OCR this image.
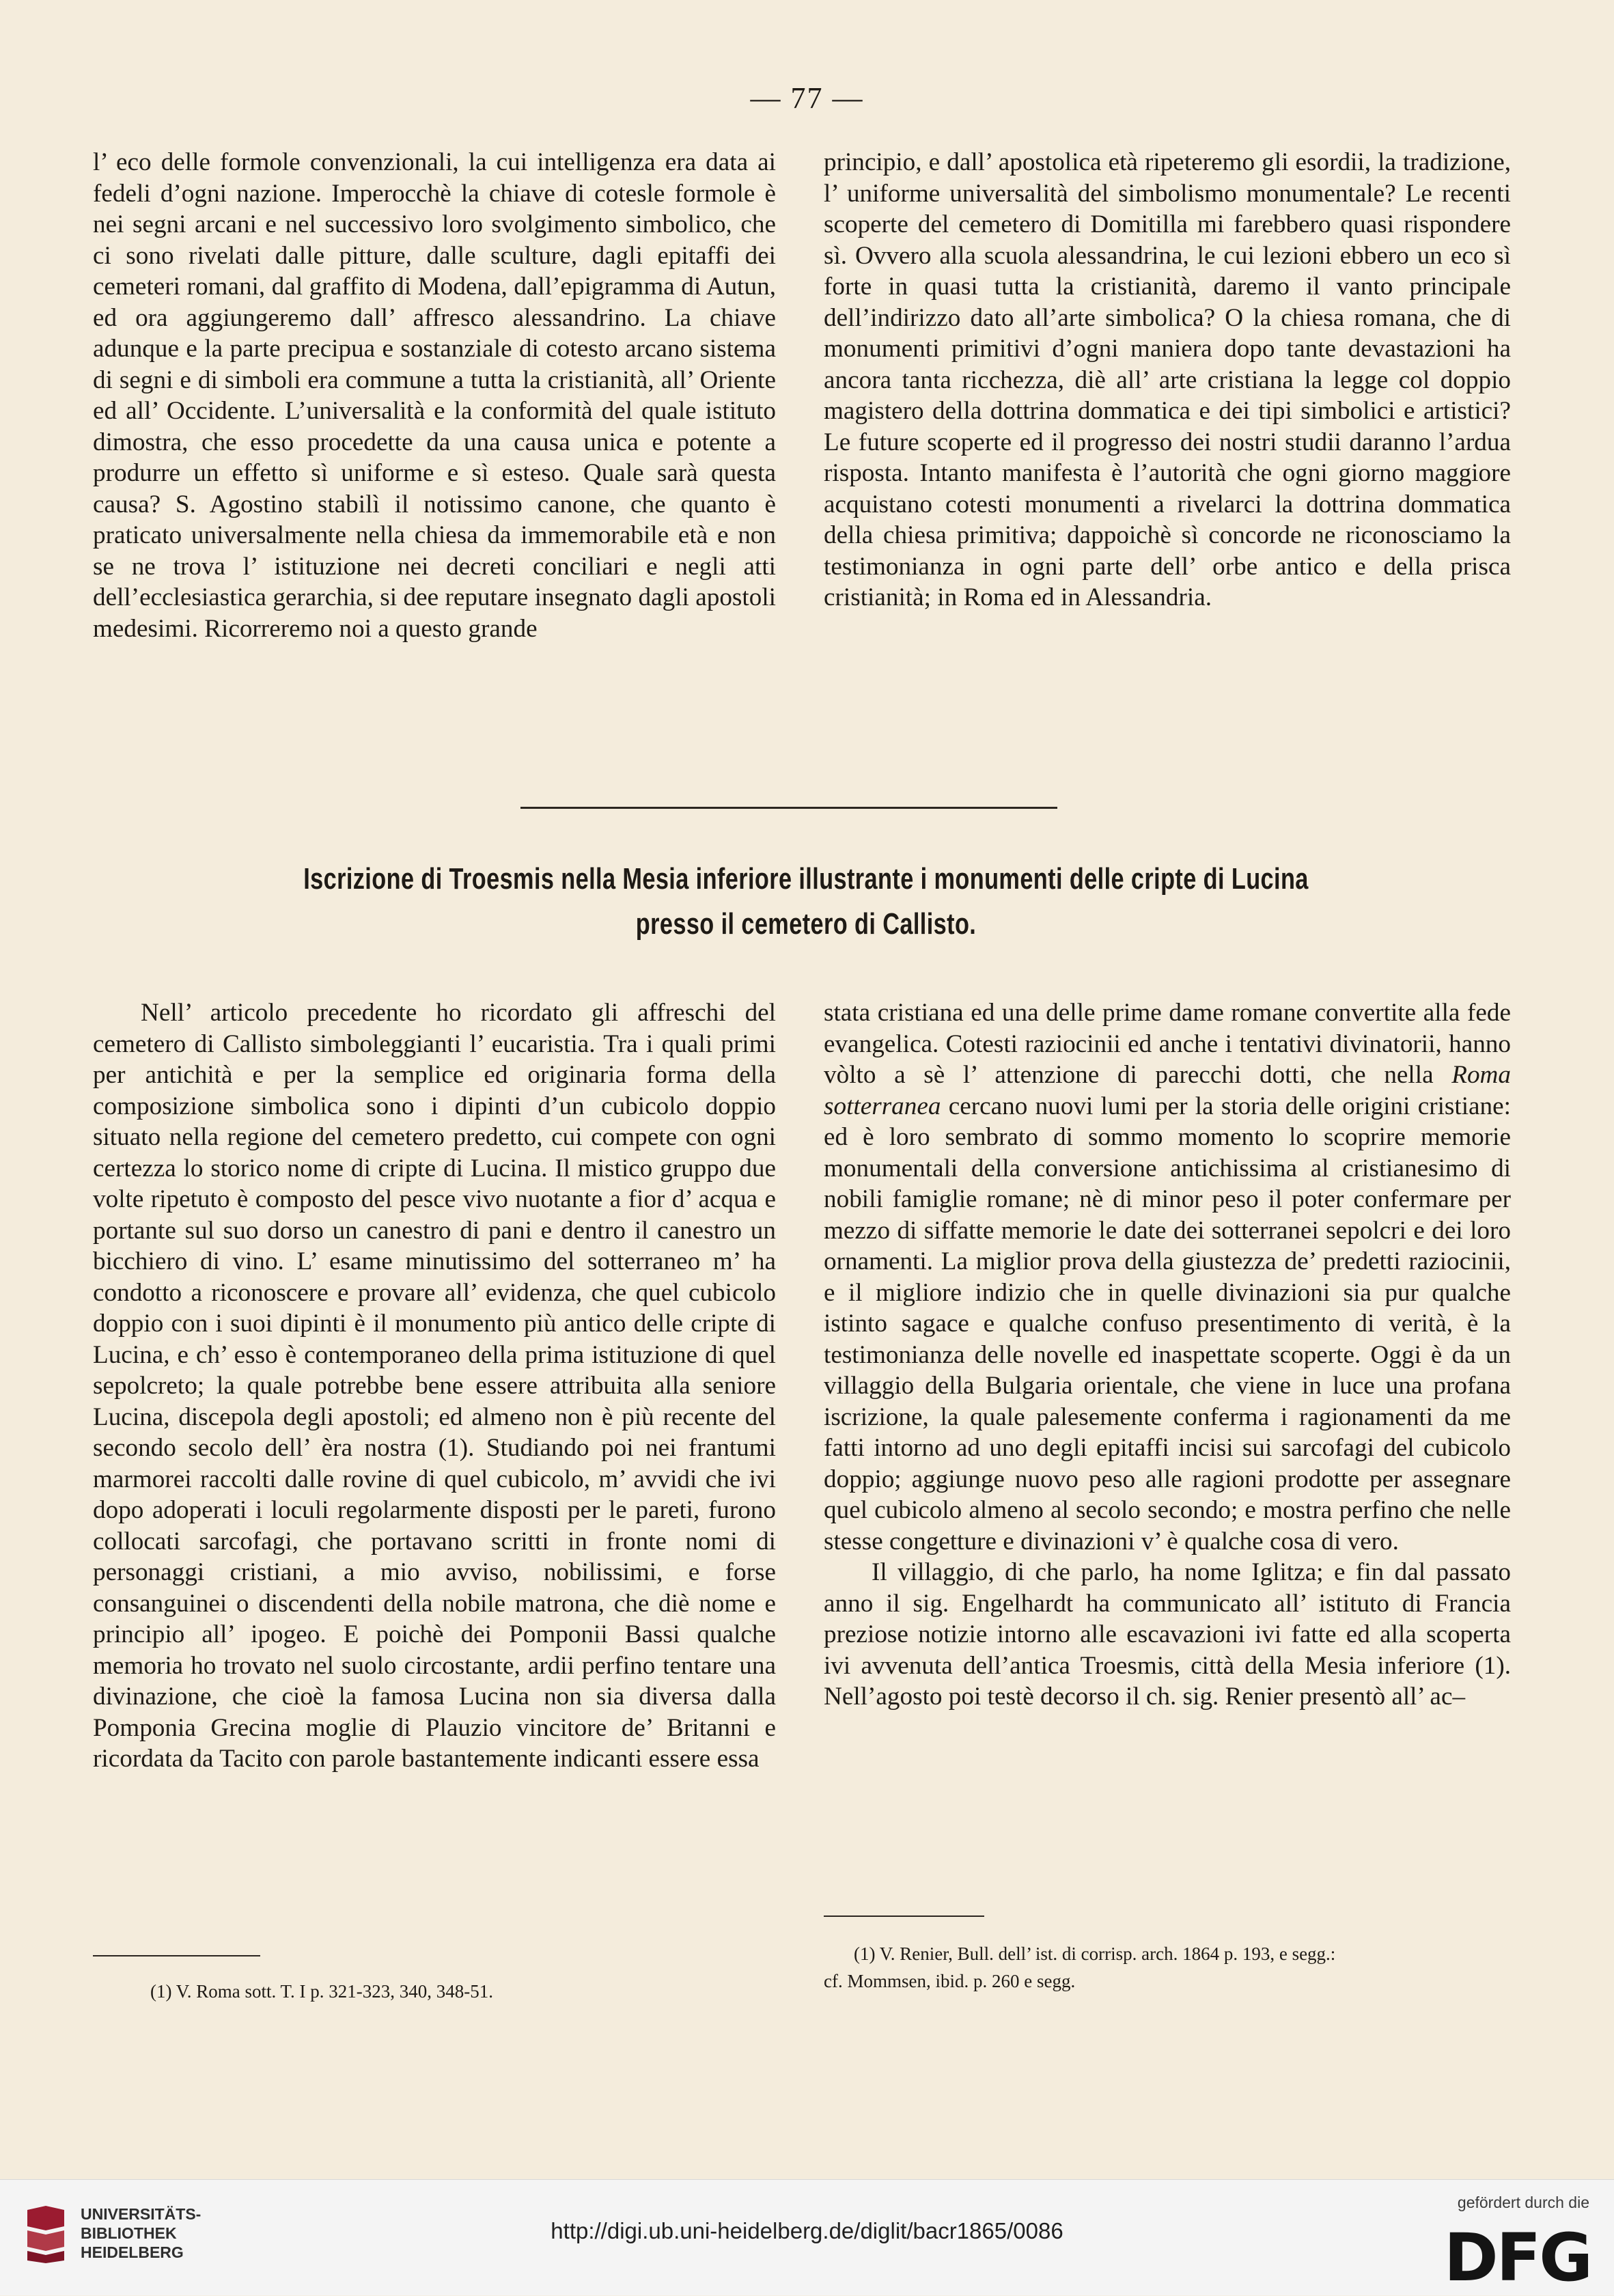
— 77 —

l’ eco delle formole convenzionali, la cui intelligenza era data ai fedeli d’ogni nazione. Imperocchè la chiave di cotesle formole è nei segni arcani e nel successivo loro svolgimento simbolico, che ci sono rivelati dalle pitture, dalle sculture, dagli epitaffi dei cemeteri romani, dal graffito di Modena, dall’epigramma di Autun, ed ora aggiungeremo dall’ affresco alessandrino. La chiave adunque e la parte precipua e sostanziale di cotesto arcano sistema di segni e di simboli era commune a tutta la cristianità, all’ Oriente ed all’ Occidente. L’universalità e la conformità del quale istituto dimostra, che esso procedette da una causa unica e potente a produrre un effetto sì uniforme e sì esteso. Quale sarà questa causa? S. Agostino stabilì il notissimo canone, che quanto è praticato universalmente nella chiesa da immemorabile età e non se ne trova l’ istituzione nei decreti conciliari e negli atti dell’ecclesiastica gerarchia, si dee reputare insegnato dagli apostoli medesimi. Ricorreremo noi a questo grande

principio, e dall’ apostolica età ripeteremo gli esordii, la tradizione, l’ uniforme universalità del simbolismo monumentale? Le recenti scoperte del cemetero di Domitilla mi farebbero quasi rispondere sì. Ovvero alla scuola alessandrina, le cui lezioni ebbero un eco sì forte in quasi tutta la cristianità, daremo il vanto principale dell’indirizzo dato all’arte simbolica? O la chiesa romana, che di monumenti primitivi d’ogni maniera dopo tante devastazioni ha ancora tanta ricchezza, diè all’ arte cristiana la legge col doppio magistero della dottrina dommatica e dei tipi simbolici e artistici? Le future scoperte ed il progresso dei nostri studii daranno l’ardua risposta. Intanto manifesta è l’autorità che ogni giorno maggiore acquistano cotesti monumenti a rivelarci la dottrina dommatica della chiesa primitiva; dappoichè sì concorde ne riconosciamo la testimonianza in ogni parte dell’ orbe antico e della prisca cristianità; in Roma ed in Alessandria.

Iscrizione di Troesmis nella Mesia inferiore illustrante i monumenti delle cripte di Lucina
presso il cemetero di Callisto.

Nell’ articolo precedente ho ricordato gli affreschi del cemetero di Callisto simboleggianti l’ eucaristia. Tra i quali primi per antichità e per la semplice ed originaria forma della composizione simbolica sono i dipinti d’un cubicolo doppio situato nella regione del cemetero predetto, cui compete con ogni certezza lo storico nome di cripte di Lucina. Il mistico gruppo due volte ripetuto è composto del pesce vivo nuotante a fior d’ acqua e portante sul suo dorso un canestro di pani e dentro il canestro un bicchiero di vino. L’ esame minutissimo del sotterraneo m’ ha condotto a riconoscere e provare all’ evidenza, che quel cubicolo doppio con i suoi dipinti è il monumento più antico delle cripte di Lucina, e ch’ esso è contemporaneo della prima istituzione di quel sepolcreto; la quale potrebbe bene essere attribuita alla seniore Lucina, discepola degli apostoli; ed almeno non è più recente del secondo secolo dell’ èra nostra (1). Studiando poi nei frantumi marmorei raccolti dalle rovine di quel cubicolo, m’ avvidi che ivi dopo adoperati i loculi regolarmente disposti per le pareti, furono collocati sarcofagi, che portavano scritti in fronte nomi di personaggi cristiani, a mio avviso, nobilissimi, e forse consanguinei o discendenti della nobile matrona, che diè nome e principio all’ ipogeo. E poichè dei Pomponii Bassi qualche memoria ho trovato nel suolo circostante, ardii perfino tentare una divinazione, che cioè la famosa Lucina non sia diversa dalla Pomponia Grecina moglie di Plauzio vincitore de’ Britanni e ricordata da Tacito con parole bastantemente indicanti essere essa

stata cristiana ed una delle prime dame romane convertite alla fede evangelica. Cotesti raziocinii ed anche i tentativi divinatorii, hanno vòlto a sè l’ attenzione di parecchi dotti, che nella Roma sotterranea cercano nuovi lumi per la storia delle origini cristiane: ed è loro sembrato di sommo momento lo scoprire memorie monumentali della conversione antichissima al cristianesimo di nobili famiglie romane; nè di minor peso il poter confermare per mezzo di siffatte memorie le date dei sotterranei sepolcri e dei loro ornamenti. La miglior prova della giustezza de’ predetti raziocinii, e il migliore indizio che in quelle divinazioni sia pur qualche istinto sagace e qualche confuso presentimento di verità, è la testimonianza delle novelle ed inaspettate scoperte. Oggi è da un villaggio della Bulgaria orientale, che viene in luce una profana iscrizione, la quale palesemente conferma i ragionamenti da me fatti intorno ad uno degli epitaffi incisi sui sarcofagi del cubicolo doppio; aggiunge nuovo peso alle ragioni prodotte per assegnare quel cubicolo almeno al secolo secondo; e mostra perfino che nelle stesse congetture e divinazioni v’ è qualche cosa di vero.

Il villaggio, di che parlo, ha nome Iglitza; e fin dal passato anno il sig. Engelhardt ha communicato all’ istituto di Francia preziose notizie intorno alle escavazioni ivi fatte ed alla scoperta ivi avvenuta dell’antica Troesmis, città della Mesia inferiore (1). Nell’agosto poi testè decorso il ch. sig. Renier presentò all’ ac–

(1) V. Roma sott. T. I p. 321-323, 340, 348-51.
(1) V. Renier, Bull. dell’ ist. di corrisp. arch. 1864 p. 193, e segg.:
cf. Mommsen, ibid. p. 260 e segg.
UNIVERSITÄTS-
BIBLIOTHEK
HEIDELBERG
http://digi.ub.uni-heidelberg.de/diglit/bacr1865/0086
gefördert durch die
DFG
